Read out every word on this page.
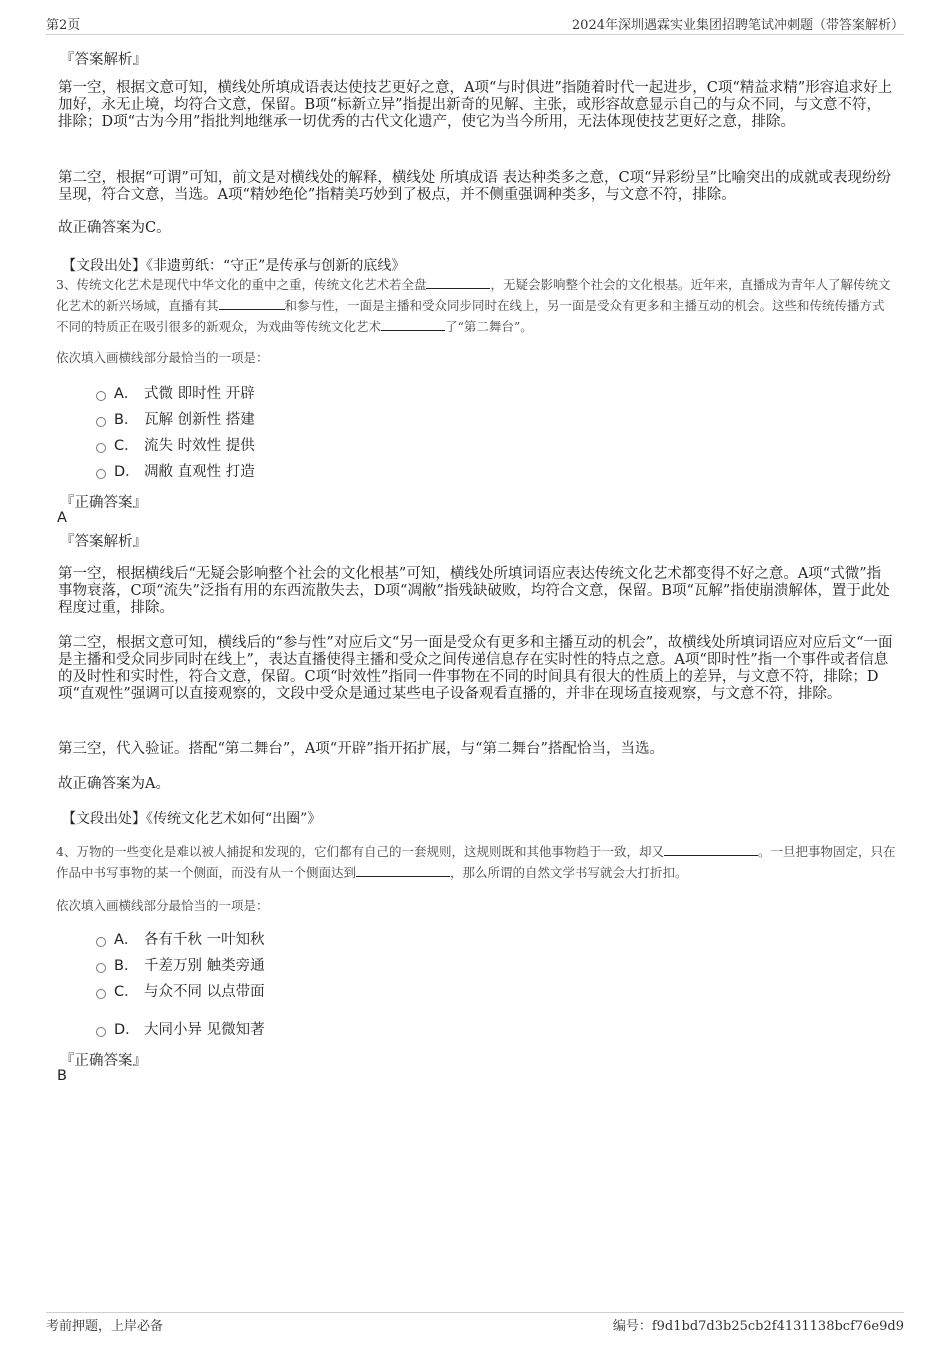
第2页	2024年深圳遇霖实业集团招聘笔试冲刺题（带答案解析）
『答案解析』

第一空，根据文意可知，横线处所填成语表达使技艺更好之意，A项“与时俱进”指随着时代一起进步，C项“精益求精”形容追求好上加好，永无止境，均符合文意，保留。B项“标新立异”指提出新奇的见解、主张，或形容故意显示自己的与众不同，与文意不符，排除；D项“古为今用”指批判地继承一切优秀的古代文化遗产，使它为当今所用，无法体现使技艺更好之意，排除。

第二空，根据“可谓”可知，前文是对横线处的解释，横线处 所填成语 表达种类多之意，C项“异彩纷呈”比喻突出的成就或表现纷纷呈现，符合文意，当选。A项“精妙绝伦”指精美巧妙到了极点，并不侧重强调种类多，与文意不符，排除。

故正确答案为C。

【文段出处】《非遗剪纸：“守正”是传承与创新的底线》

3、传统文化艺术是现代中华文化的重中之重，传统文化艺术若全盘	，无疑会影响整个社会的文化根基。近年来，直播成为青年人了解传统文化艺术的新兴场域，直播有其	和参与性，一面是主播和受众同步同时在线上，另一面是受众有更多和主播互动的机会。这些和传统传播方式不同的特质正在吸引很多的新观众，为戏曲等传统文化艺术	了“第二舞台”。

依次填入画横线部分最恰当的一项是：
A． 式微 即时性 开辟
B． 瓦解 创新性 搭建
C． 流失 时效性 提供
D． 凋敝 直观性 打造
『正确答案』
A
『答案解析』

第一空，根据横线后“无疑会影响整个社会的文化根基”可知，横线处所填词语应表达传统文化艺术都变得不好之意。A项“式微”指事物衰落，C项“流失”泛指有用的东西流散失去，D项“凋敝”指残缺破败，均符合文意，保留。B项“瓦解”指使崩溃解体，置于此处程度过重，排除。

第二空，根据文意可知，横线后的“参与性”对应后文“另一面是受众有更多和主播互动的机会”，故横线处所填词语应对应后文“一面是主播和受众同步同时在线上”，表达直播使得主播和受众之间传递信息存在实时性的特点之意。A项“即时性”指一个事件或者信息的及时性和实时性，符合文意，保留。C项“时效性”指同一件事物在不同的时间具有很大的性质上的差异，与文意不符，排除；D项“直观性”强调可以直接观察的，文段中受众是通过某些电子设备观看直播的，并非在现场直接观察，与文意不符，排除。

第三空，代入验证。搭配“第二舞台”，A项“开辟”指开拓扩展，与“第二舞台”搭配恰当，当选。

故正确答案为A。

【文段出处】《传统文化艺术如何“出圈”》

4、万物的一些变化是难以被人捕捉和发现的，它们都有自己的一套规则，这规则既和其他事物趋于一致，却又	。一旦把事物固定，只在作品中书写事物的某一个侧面，而没有从一个侧面达到	，那么所谓的自然文学书写就会大打折扣。

依次填入画横线部分最恰当的一项是：
A． 各有千秋 一叶知秋
B． 千差万别 触类旁通
C． 与众不同 以点带面
D． 大同小异 见微知著
『正确答案』
B
考前押题，上岸必备	编号：f9d1bd7d3b25cb2f4131138bcf76e9d9
